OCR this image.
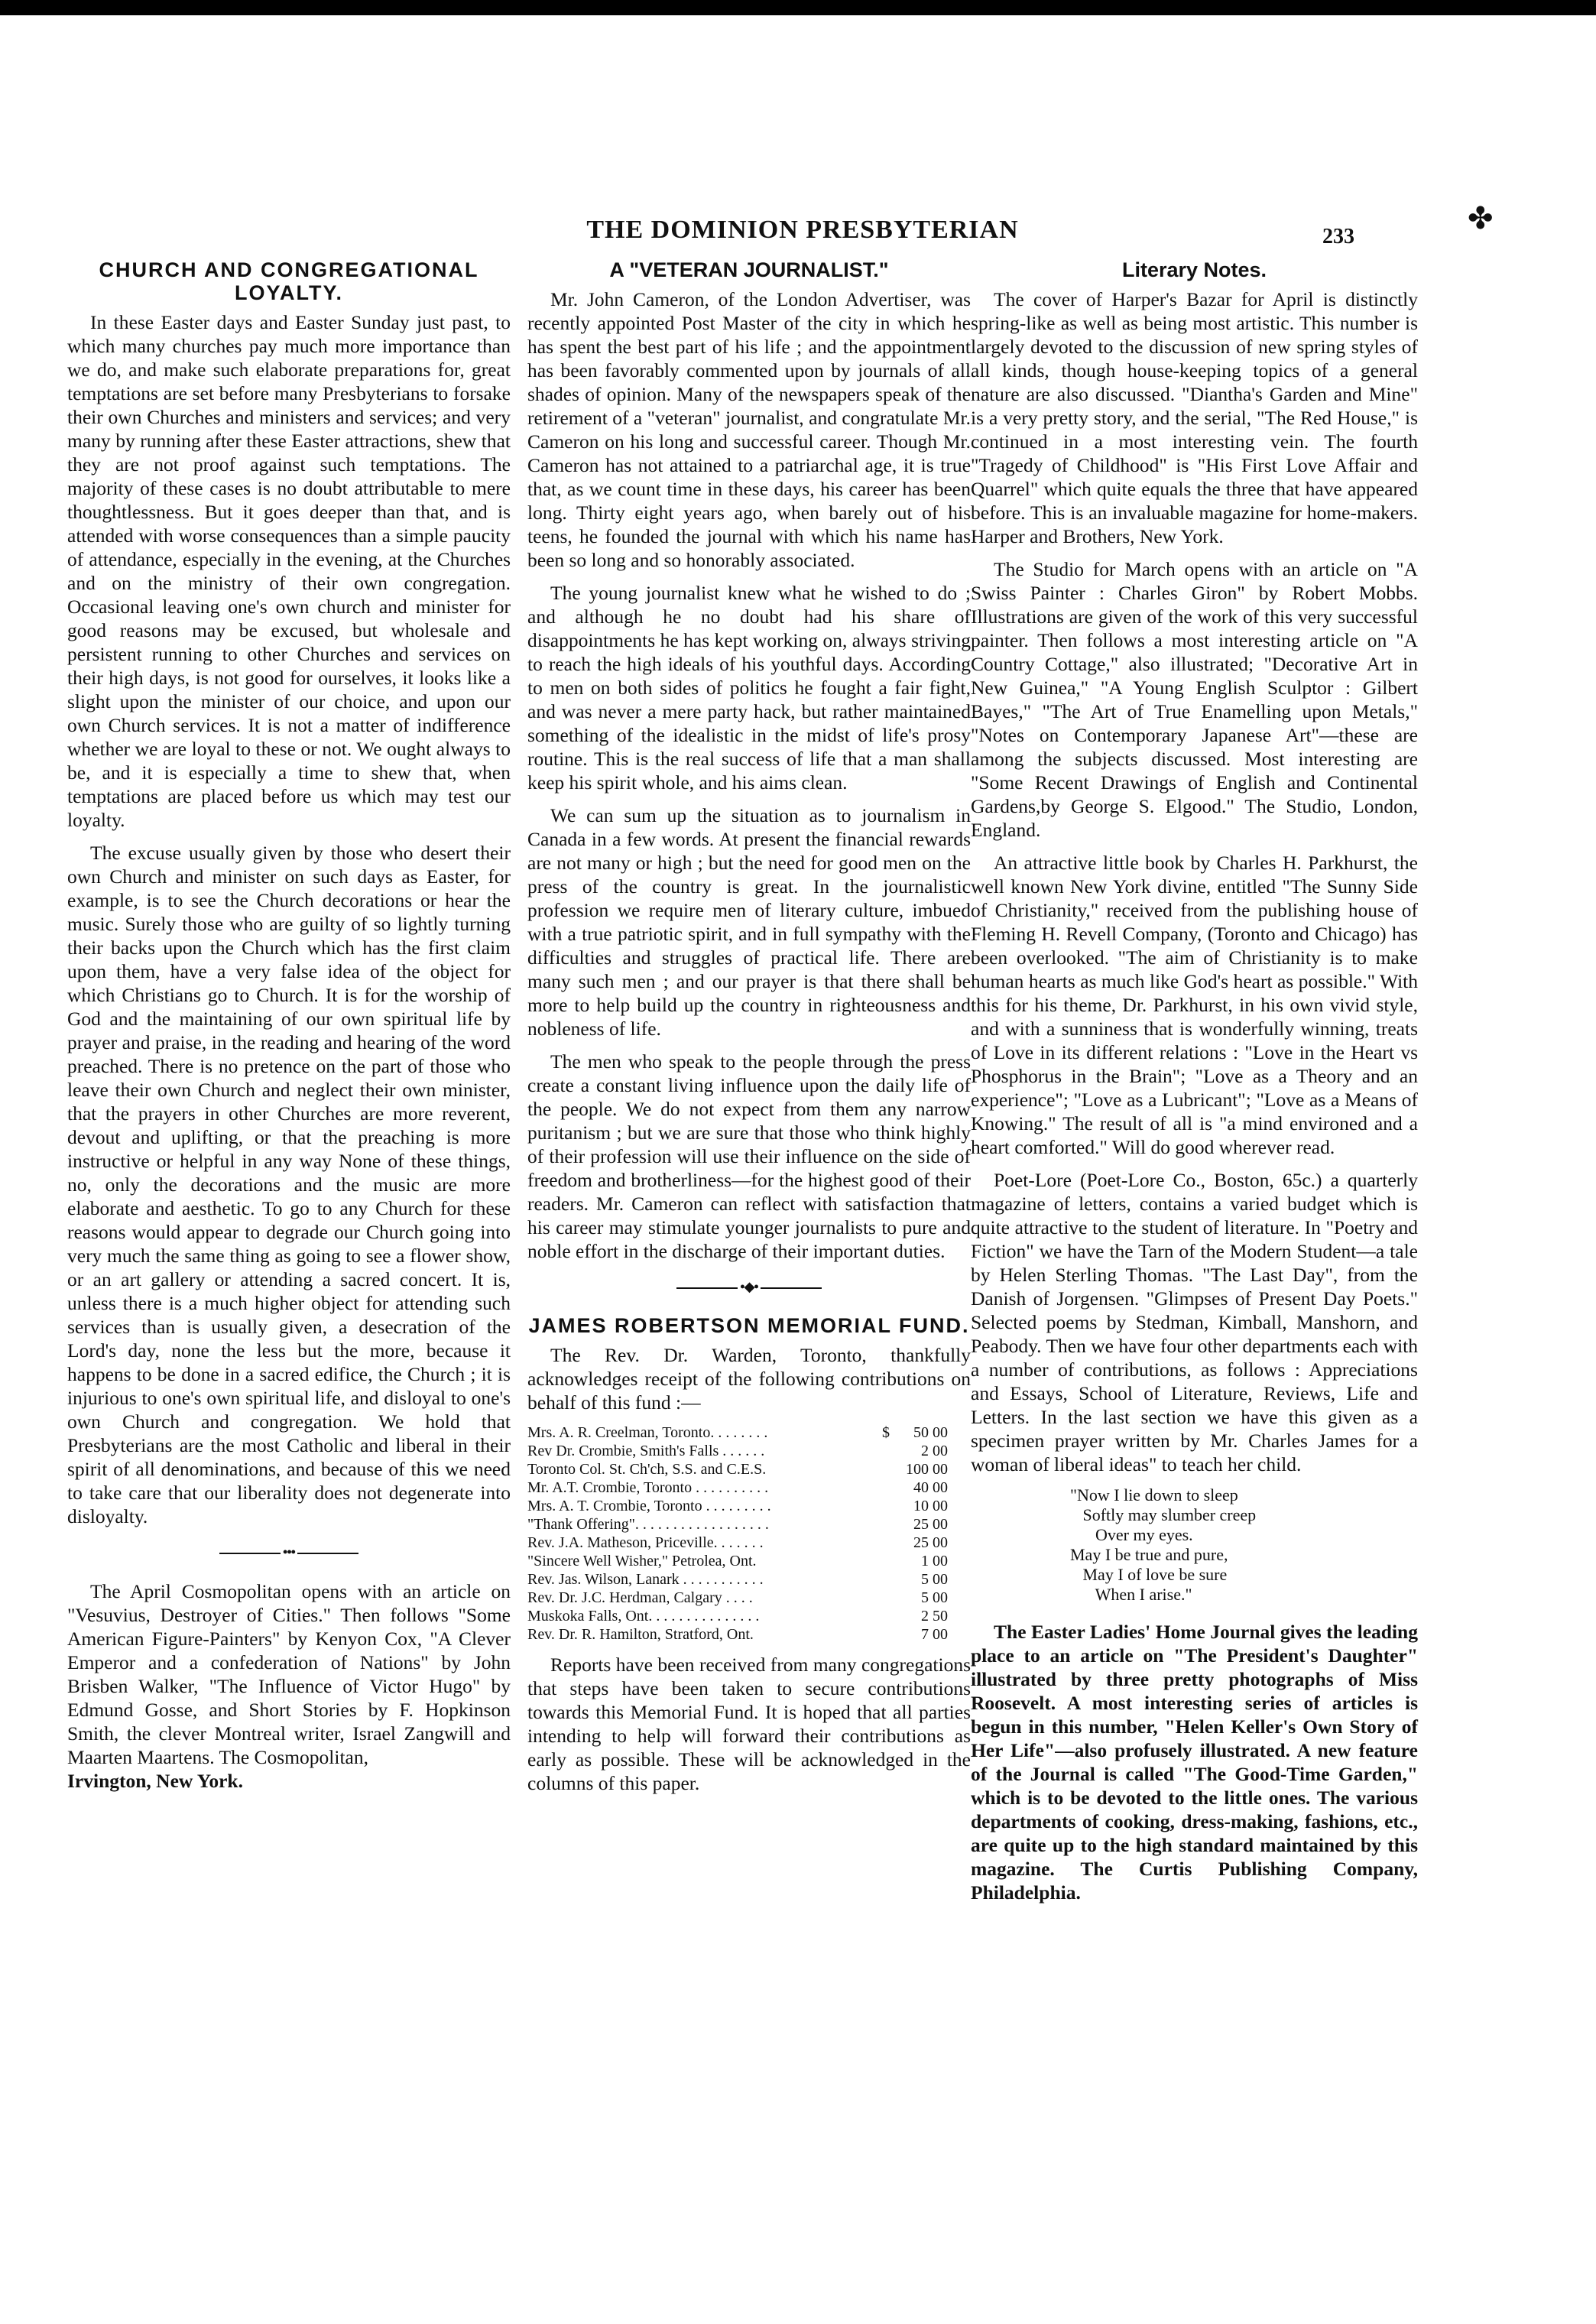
THE DOMINION PRESBYTERIAN	233
✤
CHURCH AND CONGREGATIONAL LOYALTY.

In these Easter days and Easter Sunday just past, to which many churches pay much more importance than we do, and make such elaborate preparations for, great temptations are set before many Presbyterians to forsake their own Churches and ministers and services; and very many by running after these Easter attractions, shew that they are not proof against such temptations. The majority of these cases is no doubt attributable to mere thoughtlessness. But it goes deeper than that, and is attended with worse consequences than a simple paucity of attendance, especially in the evening, at the Churches and on the ministry of their own congregation. Occasional leaving one's own church and minister for good reasons may be excused, but wholesale and persistent running to other Churches and services on their high days, is not good for ourselves, it looks like a slight upon the minister of our choice, and upon our own Church services. It is not a matter of indifference whether we are loyal to these or not. We ought always to be, and it is especially a time to shew that, when temptations are placed before us which may test our loyalty.

The excuse usually given by those who desert their own Church and minister on such days as Easter, for example, is to see the Church decorations or hear the music. Surely those who are guilty of so lightly turning their backs upon the Church which has the first claim upon them, have a very false idea of the object for which Christians go to Church. It is for the worship of God and the maintaining of our own spiritual life by prayer and praise, in the reading and hearing of the word preached. There is no pretence on the part of those who leave their own Church and neglect their own minister, that the prayers in other Churches are more reverent, devout and uplifting, or that the preaching is more instructive or helpful in any way None of these things, no, only the decorations and the music are more elaborate and aesthetic. To go to any Church for these reasons would appear to degrade our Church going into very much the same thing as going to see a flower show, or an art gallery or attending a sacred concert. It is, unless there is a much higher object for attending such services than is usually given, a desecration of the Lord's day, none the less but the more, because it happens to be done in a sacred edifice, the Church ; it is injurious to one's own spiritual life, and disloyal to one's own Church and congregation. We hold that Presbyterians are the most Catholic and liberal in their spirit of all denominations, and because of this we need to take care that our liberality does not degenerate into disloyalty.

•••

The April Cosmopolitan opens with an article on "Vesuvius, Destroyer of Cities." Then follows "Some American Figure-Painters" by Kenyon Cox, "A Clever Emperor and a confederation of Nations" by John Brisben Walker, "The Influence of Victor Hugo" by Edmund Gosse, and Short Stories by F. Hopkinson Smith, the clever Montreal writer, Israel Zangwill and Maarten Maartens. The Cosmopolitan,

Irvington, New York.
A "VETERAN JOURNALIST."

Mr. John Cameron, of the London Advertiser, was recently appointed Post Master of the city in which he has spent the best part of his life ; and the appointment has been favorably commented upon by journals of all shades of opinion. Many of the newspapers speak of the retirement of a "veteran" journalist, and congratulate Mr. Cameron on his long and successful career. Though Mr. Cameron has not attained to a patriarchal age, it is true that, as we count time in these days, his career has been long. Thirty eight years ago, when barely out of his teens, he founded the journal with which his name has been so long and so honorably associated.

The young journalist knew what he wished to do ; and although he no doubt had his share of disappointments he has kept working on, always striving to reach the high ideals of his youthful days. According to men on both sides of politics he fought a fair fight, and was never a mere party hack, but rather maintained something of the idealistic in the midst of life's prosy routine. This is the real success of life that a man shall keep his spirit whole, and his aims clean.

We can sum up the situation as to journalism in Canada in a few words. At present the financial rewards are not many or high ; but the need for good men on the press of the country is great. In the journalistic profession we require men of literary culture, imbued with a true patriotic spirit, and in full sympathy with the difficulties and struggles of practical life. There are many such men ; and our prayer is that there shall be more to help build up the country in righteousness and nobleness of life.

The men who speak to the people through the press create a constant living influence upon the daily life of the people. We do not expect from them any narrow puritanism ; but we are sure that those who think highly of their profession will use their influence on the side of freedom and brotherliness—for the highest good of their readers. Mr. Cameron can reflect with satisfaction that his career may stimulate younger journalists to pure and noble effort in the discharge of their important duties.

•◆•
JAMES ROBERTSON MEMORIAL FUND.

The Rev. Dr. Warden, Toronto, thankfully acknowledges receipt of the following contributions on behalf of this fund :—

Mrs. A. R. Creelman, Toronto. . . . . . . .	$	50 00
Rev Dr. Crombie, Smith's Falls . . . . . .		2 00
Toronto Col. St. Ch'ch, S.S. and C.E.S.		100 00
Mr. A.T. Crombie, Toronto . . . . . . . . . .		40 00
Mrs. A. T. Crombie, Toronto . . . . . . . . .		10 00
"Thank Offering". . . . . . . . . . . . . . . . . .		25 00
Rev. J.A. Matheson, Priceville. . . . . . .		25 00
"Sincere Well Wisher," Petrolea, Ont.		1 00
Rev. Jas. Wilson, Lanark . . . . . . . . . . .		5 00
Rev. Dr. J.C. Herdman, Calgary . . . .		5 00
Muskoka Falls, Ont. . . . . . . . . . . . . . .		2 50
Rev. Dr. R. Hamilton, Stratford, Ont.		7 00

Reports have been received from many congregations that steps have been taken to secure contributions towards this Memorial Fund. It is hoped that all parties intending to help will forward their contributions as early as possible. These will be acknowledged in the columns of this paper.

Literary Notes.

The cover of Harper's Bazar for April is distinctly spring-like as well as being most artistic. This number is largely devoted to the discussion of new spring styles of all kinds, though house-keeping topics of a general nature are also discussed. "Diantha's Garden and Mine" is a very pretty story, and the serial, "The Red House," is continued in a most interesting vein. The fourth "Tragedy of Childhood" is "His First Love Affair and Quarrel" which quite equals the three that have appeared before. This is an invaluable magazine for home-makers. Harper and Brothers, New York.

The Studio for March opens with an article on "A Swiss Painter : Charles Giron" by Robert Mobbs. Illustrations are given of the work of this very successful painter. Then follows a most interesting article on "A Country Cottage," also illustrated; "Decorative Art in New Guinea," "A Young English Sculptor : Gilbert Bayes," "The Art of True Enamelling upon Metals," "Notes on Contemporary Japanese Art"—these are among the subjects discussed. Most interesting are "Some Recent Drawings of English and Continental Gardens,by George S. Elgood." The Studio, London, England.

An attractive little book by Charles H. Parkhurst, the well known New York divine, entitled "The Sunny Side of Christianity," received from the publishing house of Fleming H. Revell Company, (Toronto and Chicago) has been overlooked. "The aim of Christianity is to make human hearts as much like God's heart as possible." With this for his theme, Dr. Parkhurst, in his own vivid style, and with a sunniness that is wonderfully winning, treats of Love in its different relations : "Love in the Heart vs Phosphorus in the Brain"; "Love as a Theory and an experience"; "Love as a Lubricant"; "Love as a Means of Knowing." The result of all is "a mind environed and a heart comforted." Will do good wherever read.

Poet-Lore (Poet-Lore Co., Boston, 65c.) a quarterly magazine of letters, contains a varied budget which is quite attractive to the student of literature. In "Poetry and Fiction" we have the Tarn of the Modern Student—a tale by Helen Sterling Thomas. "The Last Day", from the Danish of Jorgensen. "Glimpses of Present Day Poets." Selected poems by Stedman, Kimball, Manshorn, and Peabody. Then we have four other departments each with a number of contributions, as follows : Appreciations and Essays, School of Literature, Reviews, Life and Letters. In the last section we have this given as a specimen prayer written by Mr. Charles James for a woman of liberal ideas" to teach her child.

"Now I lie down to sleep
Softly may slumber creep
Over my eyes.
May I be true and pure,
May I of love be sure
When I arise."

The Easter Ladies' Home Journal gives the leading place to an article on "The President's Daughter" illustrated by three pretty photographs of Miss Roosevelt. A most interesting series of articles is begun in this number, "Helen Keller's Own Story of Her Life"—also profusely illustrated. A new feature of the Journal is called "The Good-Time Garden," which is to be devoted to the little ones. The various departments of cooking, dress-making, fashions, etc., are quite up to the high standard maintained by this magazine. The Curtis Publishing Company, Philadelphia.
